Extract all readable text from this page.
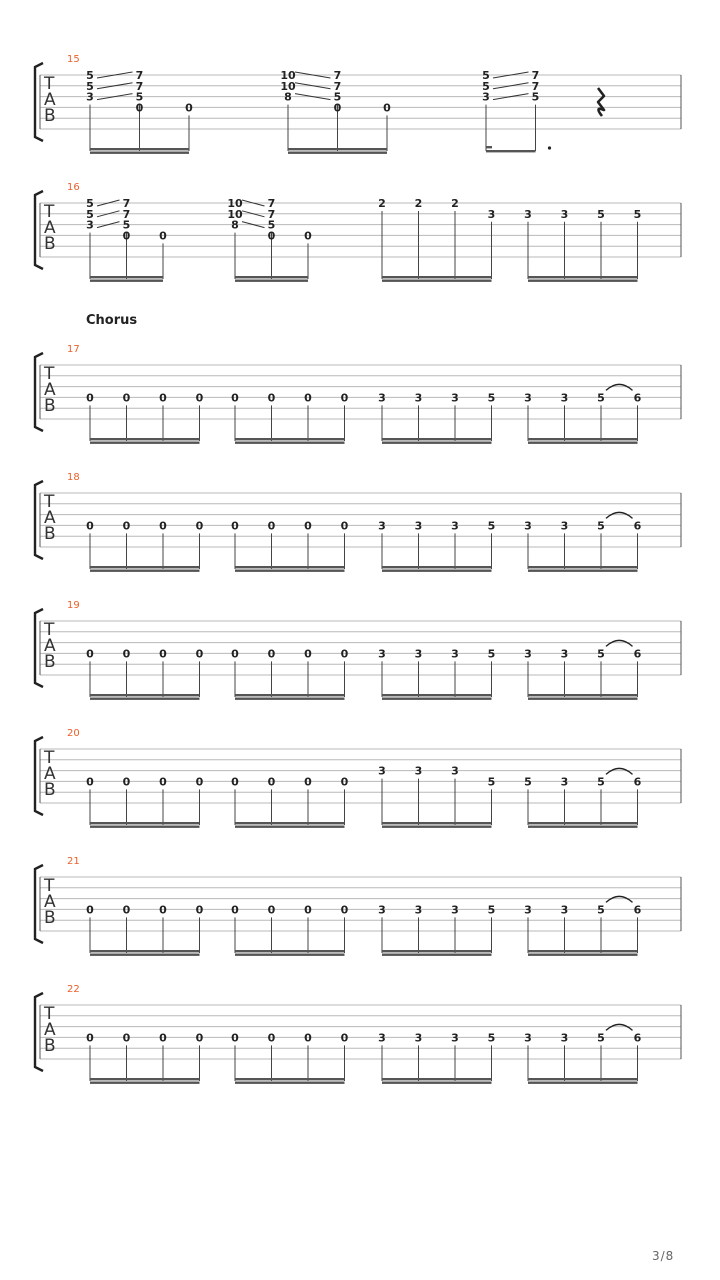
15
T
A
B
5
5
3
7
7
5
0	0
10
10
8
7
7
5
0	0
5
5
3
7
7
5
16
T
A
B
5
5
3
7
7
5
0	0
10
10
8
7
7
5
0	0
2	2	2
3	3	3	5	5
17
Chorus
T
A
B	0	0	0	0	0	0	0	0	3	3	3	5	3	3	5	6
18
T
A
B	0	0	0	0	0	0	0	0	3	3	3	5	3	3	5	6
19
T
A
B	0	0	0	0	0	0	0	0	3	3	3	5	3	3	5	6
20
T
A
B	0	0	0	0	0	0	0	0
3	3	3
5	5	3	5	6
21
T
A
B	0	0	0	0	0	0	0	0	3	3	3	5	3	3	5	6
22
T
A
B	0	0	0	0	0	0	0	0	3	3	3	5	3	3	5	6
3/8
